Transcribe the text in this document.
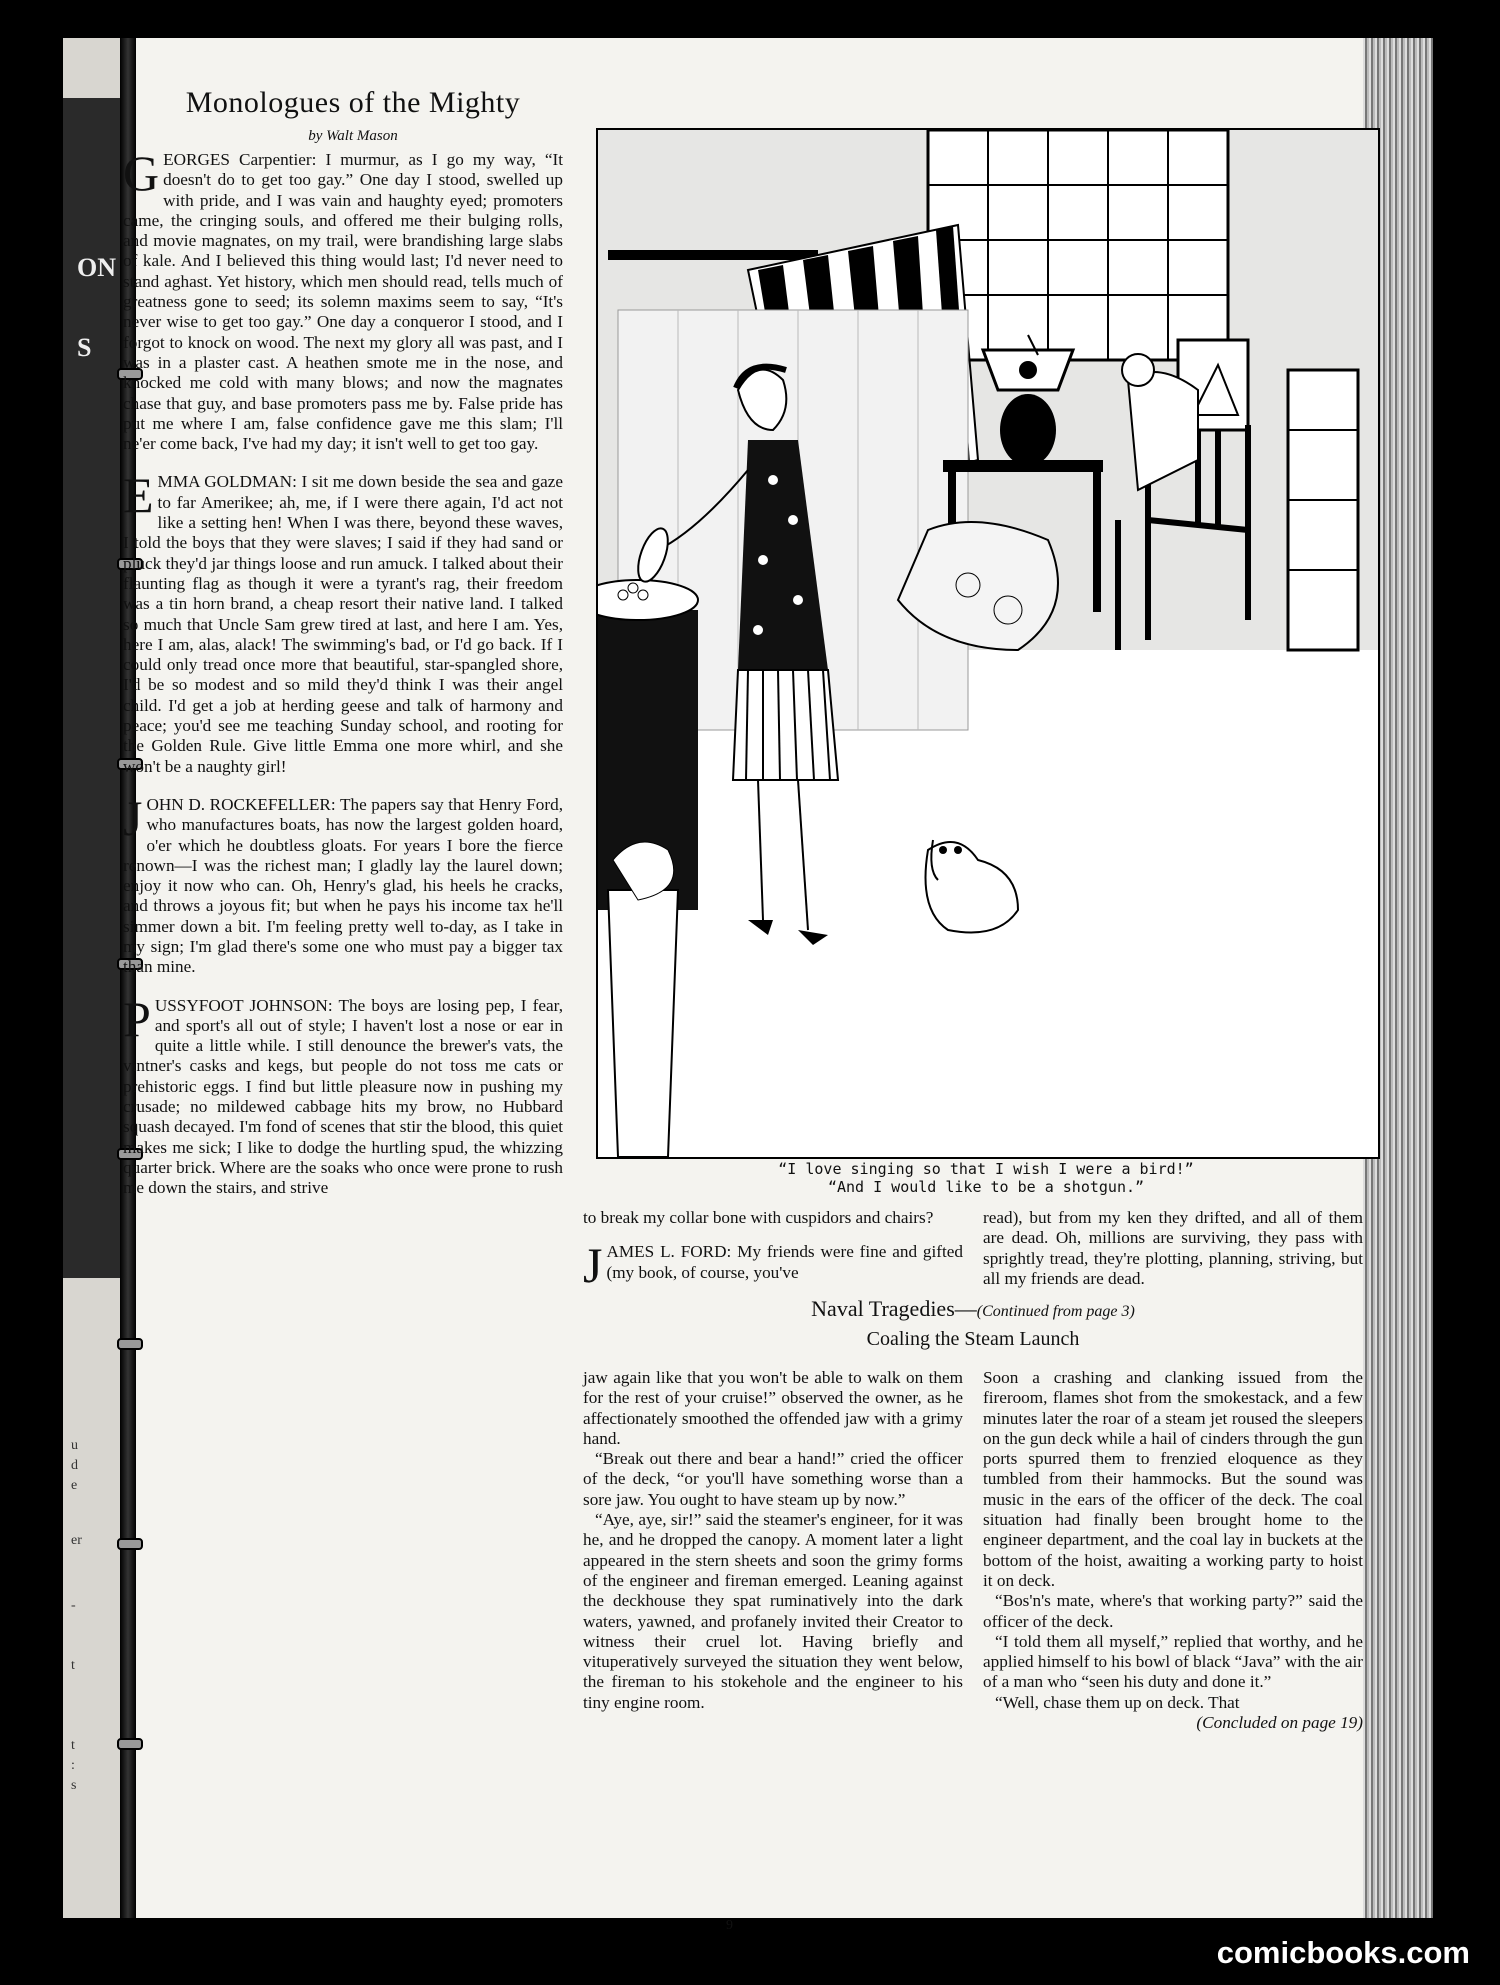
ON
S
u
d
e
er
-
t
t
:
s
Monologues of the Mighty
by Walt Mason

GEORGES Carpentier: I murmur, as I go my way, “It doesn't do to get too gay.” One day I stood, swelled up with pride, and I was vain and haughty eyed; promoters came, the cringing souls, and offered me their bulging rolls, and movie magnates, on my trail, were brandishing large slabs of kale. And I believed this thing would last; I'd never need to stand aghast. Yet history, which men should read, tells much of greatness gone to seed; its solemn maxims seem to say, “It's never wise to get too gay.” One day a conqueror I stood, and I forgot to knock on wood. The next my glory all was past, and I was in a plaster cast. A heathen smote me in the nose, and knocked me cold with many blows; and now the magnates chase that guy, and base promoters pass me by. False pride has put me where I am, false confidence gave me this slam; I'll ne'er come back, I've had my day; it isn't well to get too gay.

EMMA GOLDMAN: I sit me down beside the sea and gaze to far Amerikee; ah, me, if I were there again, I'd act not like a setting hen! When I was there, beyond these waves, I told the boys that they were slaves; I said if they had sand or pluck they'd jar things loose and run amuck. I talked about their flaunting flag as though it were a tyrant's rag, their freedom was a tin horn brand, a cheap resort their native land. I talked so much that Uncle Sam grew tired at last, and here I am. Yes, here I am, alas, alack! The swimming's bad, or I'd go back. If I could only tread once more that beautiful, star-spangled shore, I'd be so modest and so mild they'd think I was their angel child. I'd get a job at herding geese and talk of harmony and peace; you'd see me teaching Sunday school, and rooting for the Golden Rule. Give little Emma one more whirl, and she won't be a naughty girl!

JOHN D. ROCKEFELLER: The papers say that Henry Ford, who manufactures boats, has now the largest golden hoard, o'er which he doubtless gloats. For years I bore the fierce renown—I was the richest man; I gladly lay the laurel down; enjoy it now who can. Oh, Henry's glad, his heels he cracks, and throws a joyous fit; but when he pays his income tax he'll simmer down a bit. I'm feeling pretty well to-day, as I take in my sign; I'm glad there's some one who must pay a bigger tax than mine.

PUSSYFOOT JOHNSON: The boys are losing pep, I fear, and sport's all out of style; I haven't lost a nose or ear in quite a little while. I still denounce the brewer's vats, the vintner's casks and kegs, but people do not toss me cats or prehistoric eggs. I find but little pleasure now in pushing my crusade; no mildewed cabbage hits my brow, no Hubbard squash decayed. I'm fond of scenes that stir the blood, this quiet makes me sick; I like to dodge the hurtling spud, the whizzing quarter brick. Where are the soaks who once were prone to rush me down the stairs, and strive

“I love singing so that I wish I were a bird!”
“And I would like to be a shotgun.”

to break my collar bone with cuspidors and chairs?

JAMES L. FORD: My friends were fine and gifted (my book, of course, you've

read), but from my ken they drifted, and all of them are dead. Oh, millions are surviving, they pass with sprightly tread, they're plotting, planning, striving, but all my friends are dead.

Naval Tragedies—(Continued from page 3)

Coaling the Steam Launch

jaw again like that you won't be able to walk on them for the rest of your cruise!” observed the owner, as he affectionately smoothed the offended jaw with a grimy hand.

“Break out there and bear a hand!” cried the officer of the deck, “or you'll have something worse than a sore jaw. You ought to have steam up by now.”

“Aye, aye, sir!” said the steamer's engineer, for it was he, and he dropped the canopy. A moment later a light appeared in the stern sheets and soon the grimy forms of the engineer and fireman emerged. Leaning against the deckhouse they spat ruminatively into the dark waters, yawned, and profanely invited their Creator to witness their cruel lot. Having briefly and vituperatively surveyed the situation they went below, the fireman to his stokehole and the engineer to his tiny engine room.

Soon a crashing and clanking issued from the fireroom, flames shot from the smokestack, and a few minutes later the roar of a steam jet roused the sleepers on the gun deck while a hail of cinders through the gun ports spurred them to frenzied eloquence as they tumbled from their hammocks. But the sound was music in the ears of the officer of the deck. The coal situation had finally been brought home to the engineer department, and the coal lay in buckets at the bottom of the hoist, awaiting a working party to hoist it on deck.

“Bos'n's mate, where's that working party?” said the officer of the deck.

“I told them all myself,” replied that worthy, and he applied himself to his bowl of black “Java” with the air of a man who “seen his duty and done it.”

“Well, chase them up on deck. That

(Concluded on page 19)

9
comicbooks.com
